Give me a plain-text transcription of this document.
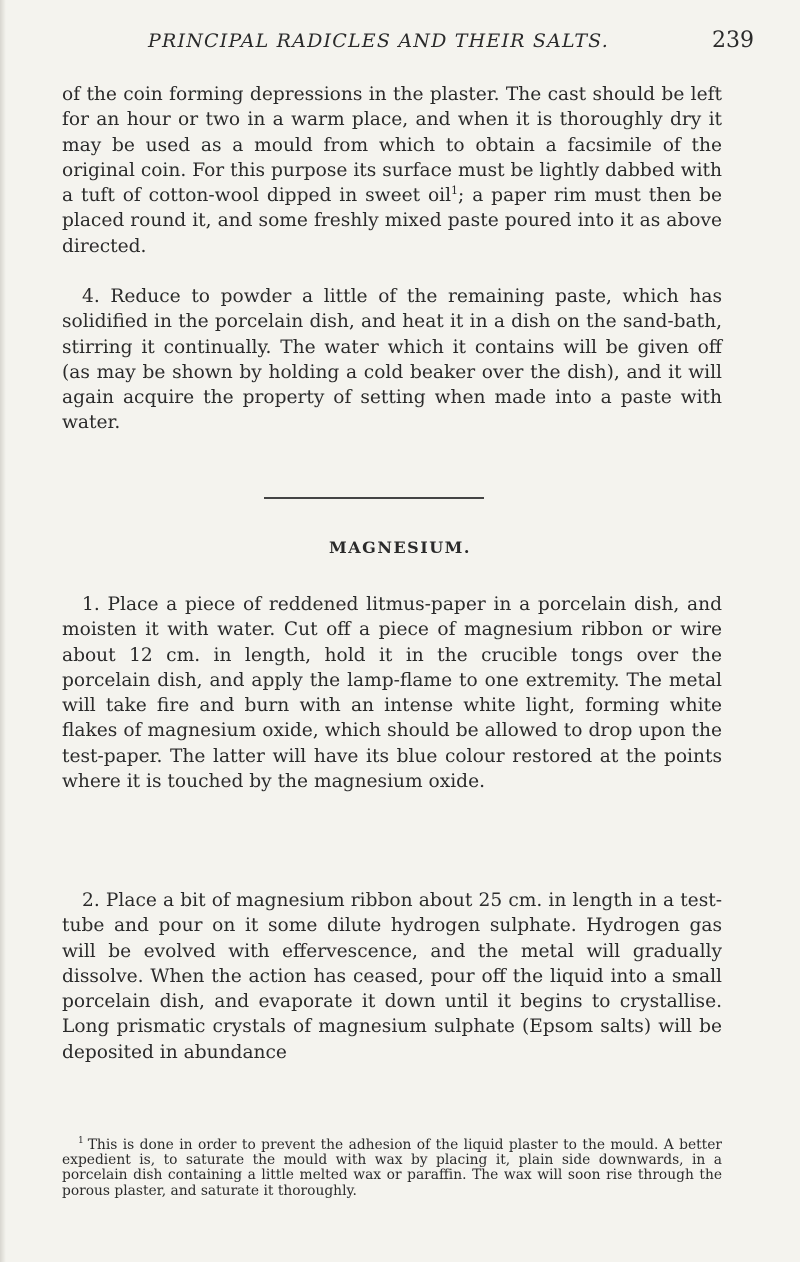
PRINCIPAL RADICLES AND THEIR SALTS.	239

of the coin forming depressions in the plaster. The cast should be left for an hour or two in a warm place, and when it is thoroughly dry it may be used as a mould from which to obtain a facsimile of the original coin. For this purpose its surface must be lightly dabbed with a tuft of cotton-wool dipped in sweet oil$^1$; a paper rim must then be placed round it, and some freshly mixed paste poured into it as above directed.

4. Reduce to powder a little of the remaining paste, which has solidified in the porcelain dish, and heat it in a dish on the sand-bath, stirring it continually. The water which it contains will be given off (as may be shown by holding a cold beaker over the dish), and it will again acquire the property of setting when made into a paste with water.

MAGNESIUM.

1. Place a piece of reddened litmus-paper in a porcelain dish, and moisten it with water. Cut off a piece of magnesium ribbon or wire about 12 cm. in length, hold it in the crucible tongs over the porcelain dish, and apply the lamp-flame to one extremity. The metal will take fire and burn with an intense white light, forming white flakes of magnesium oxide, which should be allowed to drop upon the test-paper. The latter will have its blue colour restored at the points where it is touched by the magnesium oxide.

2. Place a bit of magnesium ribbon about 25 cm. in length in a test-tube and pour on it some dilute hydrogen sulphate. Hydrogen gas will be evolved with effervescence, and the metal will gradually dissolve. When the action has ceased, pour off the liquid into a small porcelain dish, and evaporate it down until it begins to crystallise. Long prismatic crystals of magnesium sulphate (Epsom salts) will be deposited in abundance

$^1$ This is done in order to prevent the adhesion of the liquid plaster to the mould. A better expedient is, to saturate the mould with wax by placing it, plain side downwards, in a porcelain dish containing a little melted wax or paraffin. The wax will soon rise through the porous plaster, and saturate it thoroughly.
